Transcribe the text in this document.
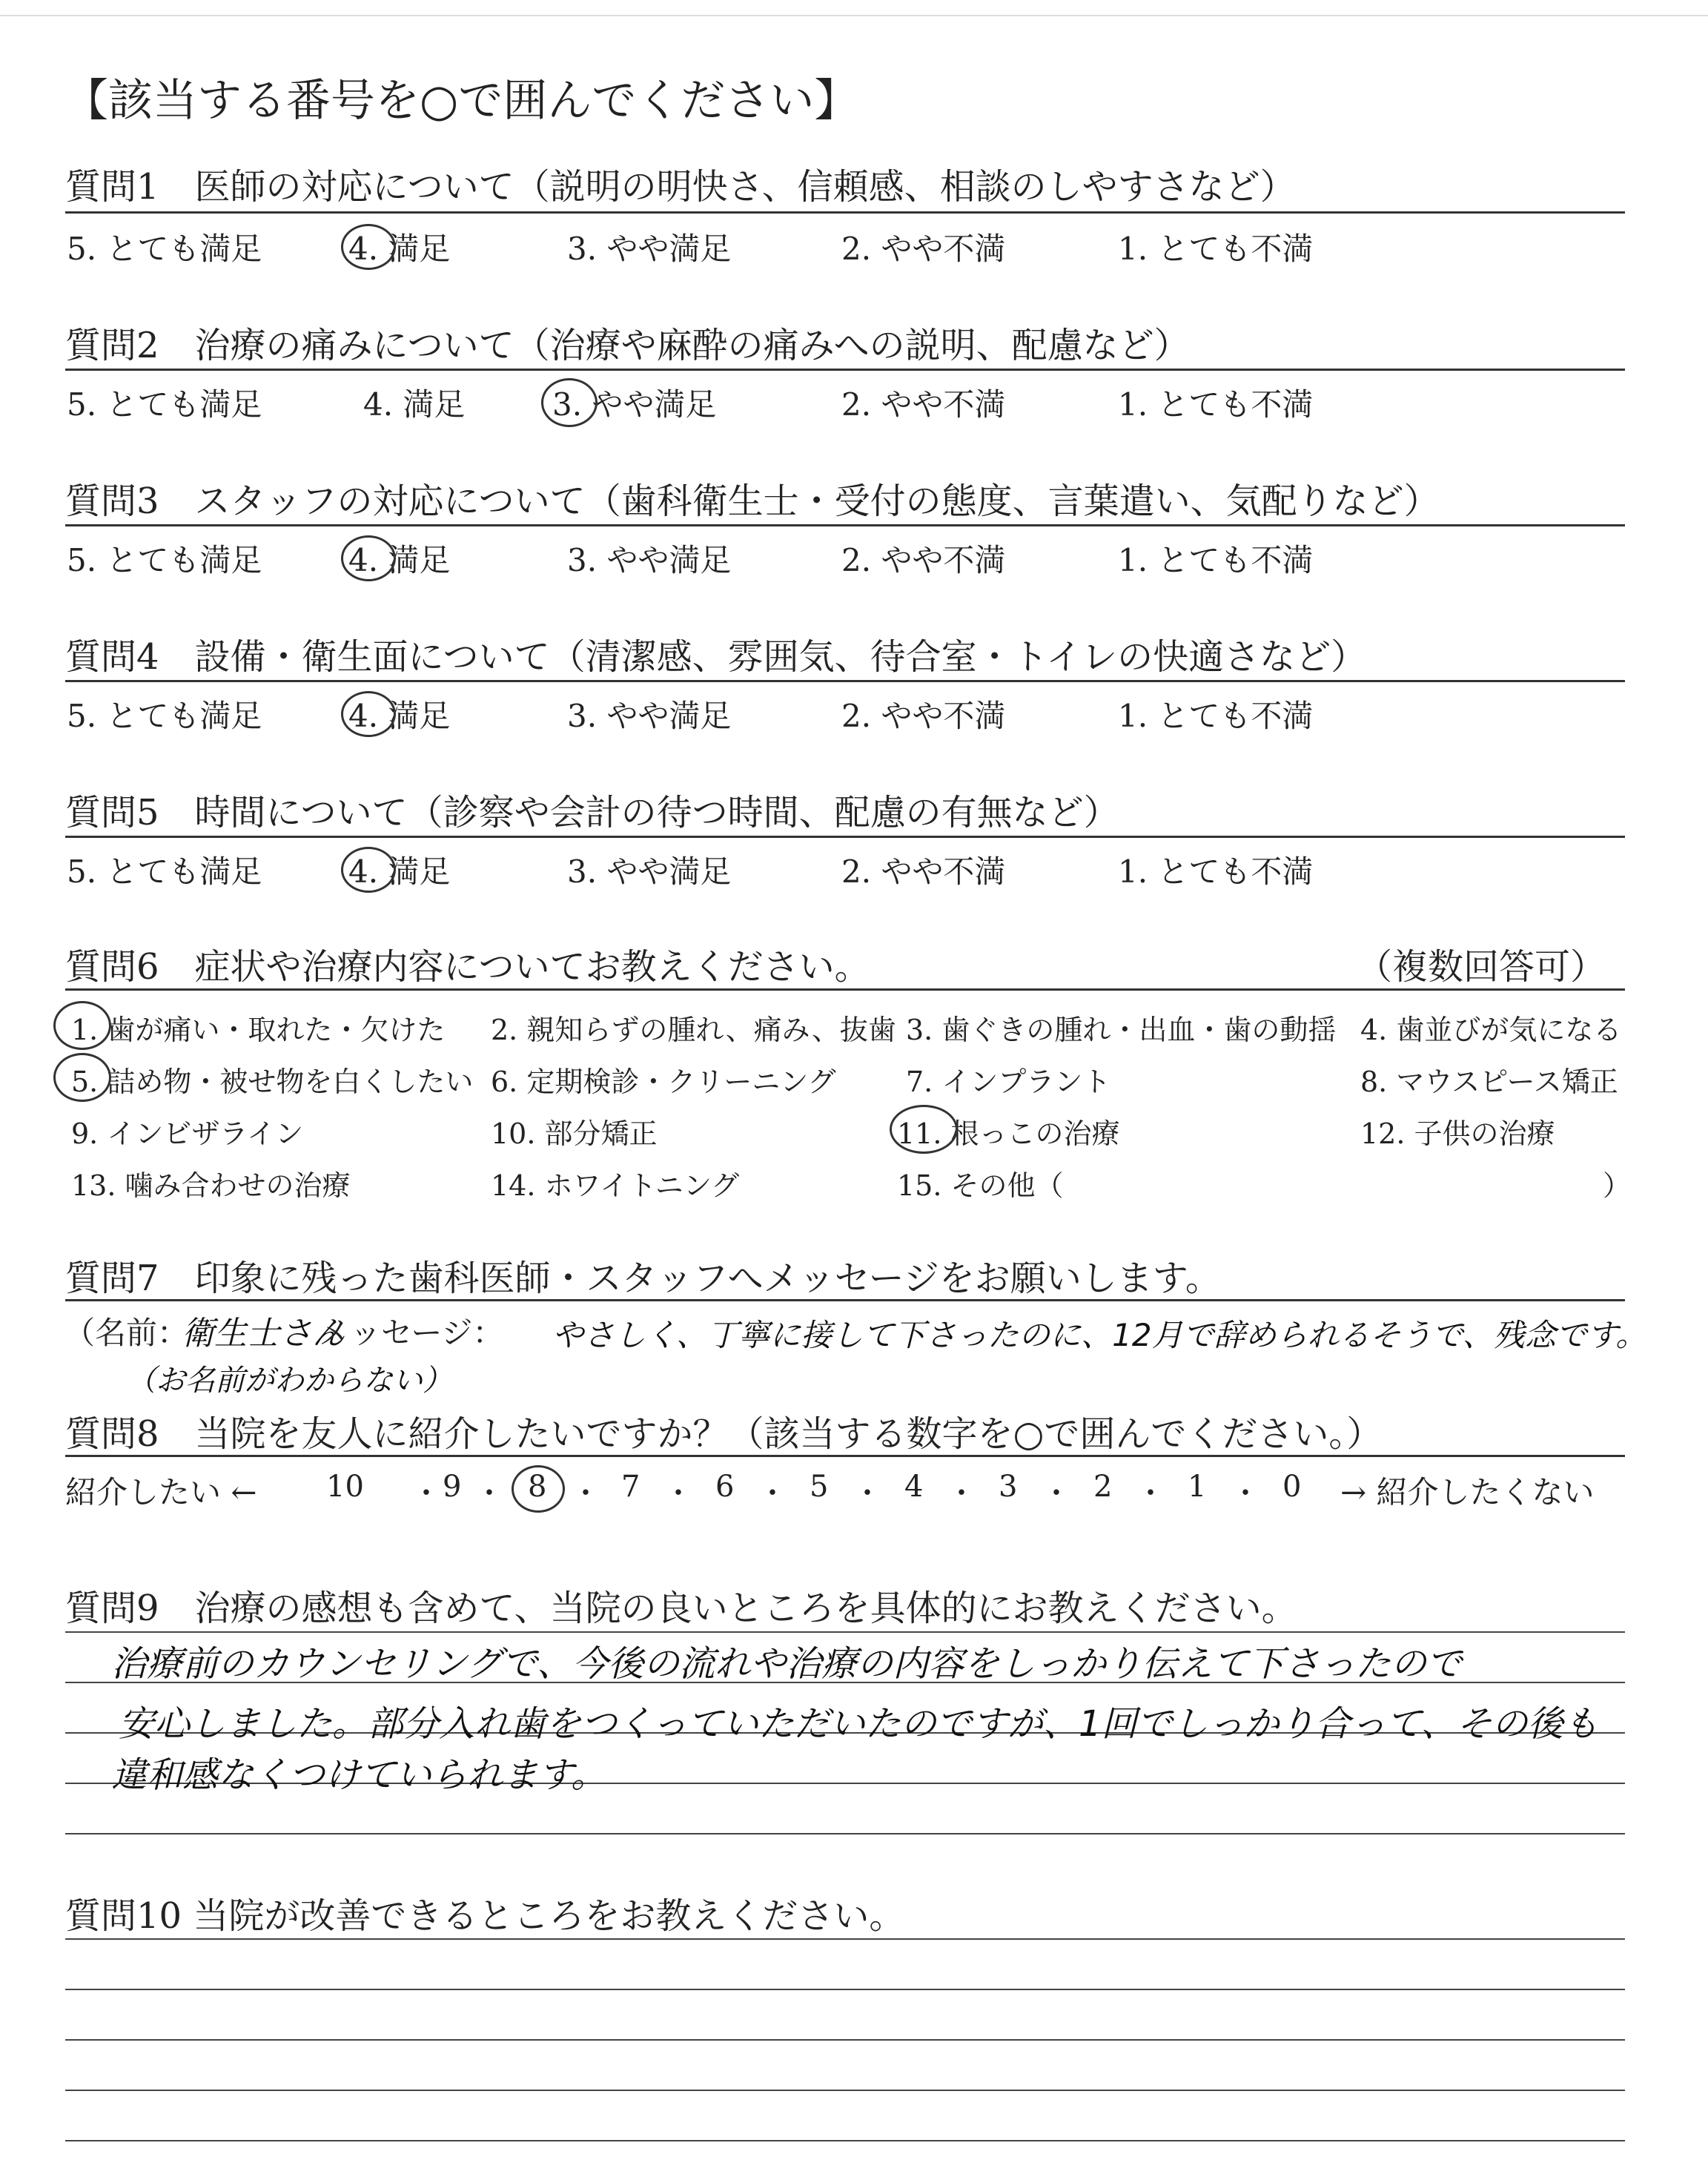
【該当する番号を○で囲んでください】
質問1　医師の対応について（説明の明快さ、信頼感、相談のしやすさなど）
5. とても満足	4. 満足	3. やや満足	2. やや不満	1. とても不満
質問2　治療の痛みについて（治療や麻酔の痛みへの説明、配慮など）
5. とても満足	4. 満足	3. やや満足	2. やや不満	1. とても不満
質問3　スタッフの対応について（歯科衛生士・受付の態度、言葉遣い、気配りなど）
5. とても満足	4. 満足	3. やや満足	2. やや不満	1. とても不満
質問4　設備・衛生面について（清潔感、雰囲気、待合室・トイレの快適さなど）
5. とても満足	4. 満足	3. やや満足	2. やや不満	1. とても不満
質問5　時間について（診察や会計の待つ時間、配慮の有無など）
5. とても満足	4. 満足	3. やや満足	2. やや不満	1. とても不満
質問6　症状や治療内容についてお教えください。	（複数回答可）
1. 歯が痛い・取れた・欠けた 2. 親知らずの腫れ、痛み、抜歯 3. 歯ぐきの腫れ・出血・歯の動揺 4. 歯並びが気になる
5. 詰め物・被せ物を白くしたい 6. 定期検診・クリーニング 7. インプラント	8. マウスピース矯正
9. インビザライン	10. 部分矯正	11. 根っこの治療	12. 子供の治療
13. 噛み合わせの治療	14. ホワイトニング	15. その他（	）
質問7　印象に残った歯科医師・スタッフへメッセージをお願いします。
（名前：
衛生士さん
メッセージ： やさしく、丁寧に接して下さったのに、12月で辞められるそうで、残念です。
（お名前がわからない）
質問8　当院を友人に紹介したいですか？（該当する数字を○で囲んでください。）
紹介したい ← 10 ・ 9 ・ 8 ・ 7 ・ 6 ・ 5 ・ 4 ・ 3 ・ 2 ・ 1 ・ 0 → 紹介したくない
質問9　治療の感想も含めて、当院の良いところを具体的にお教えください。
治療前のカウンセリングで、今後の流れや治療の内容をしっかり伝えて下さったので
安心しました。部分入れ歯をつくっていただいたのですが、1回でしっかり合って、その後も
違和感なくつけていられます。
質問10 当院が改善できるところをお教えください。
